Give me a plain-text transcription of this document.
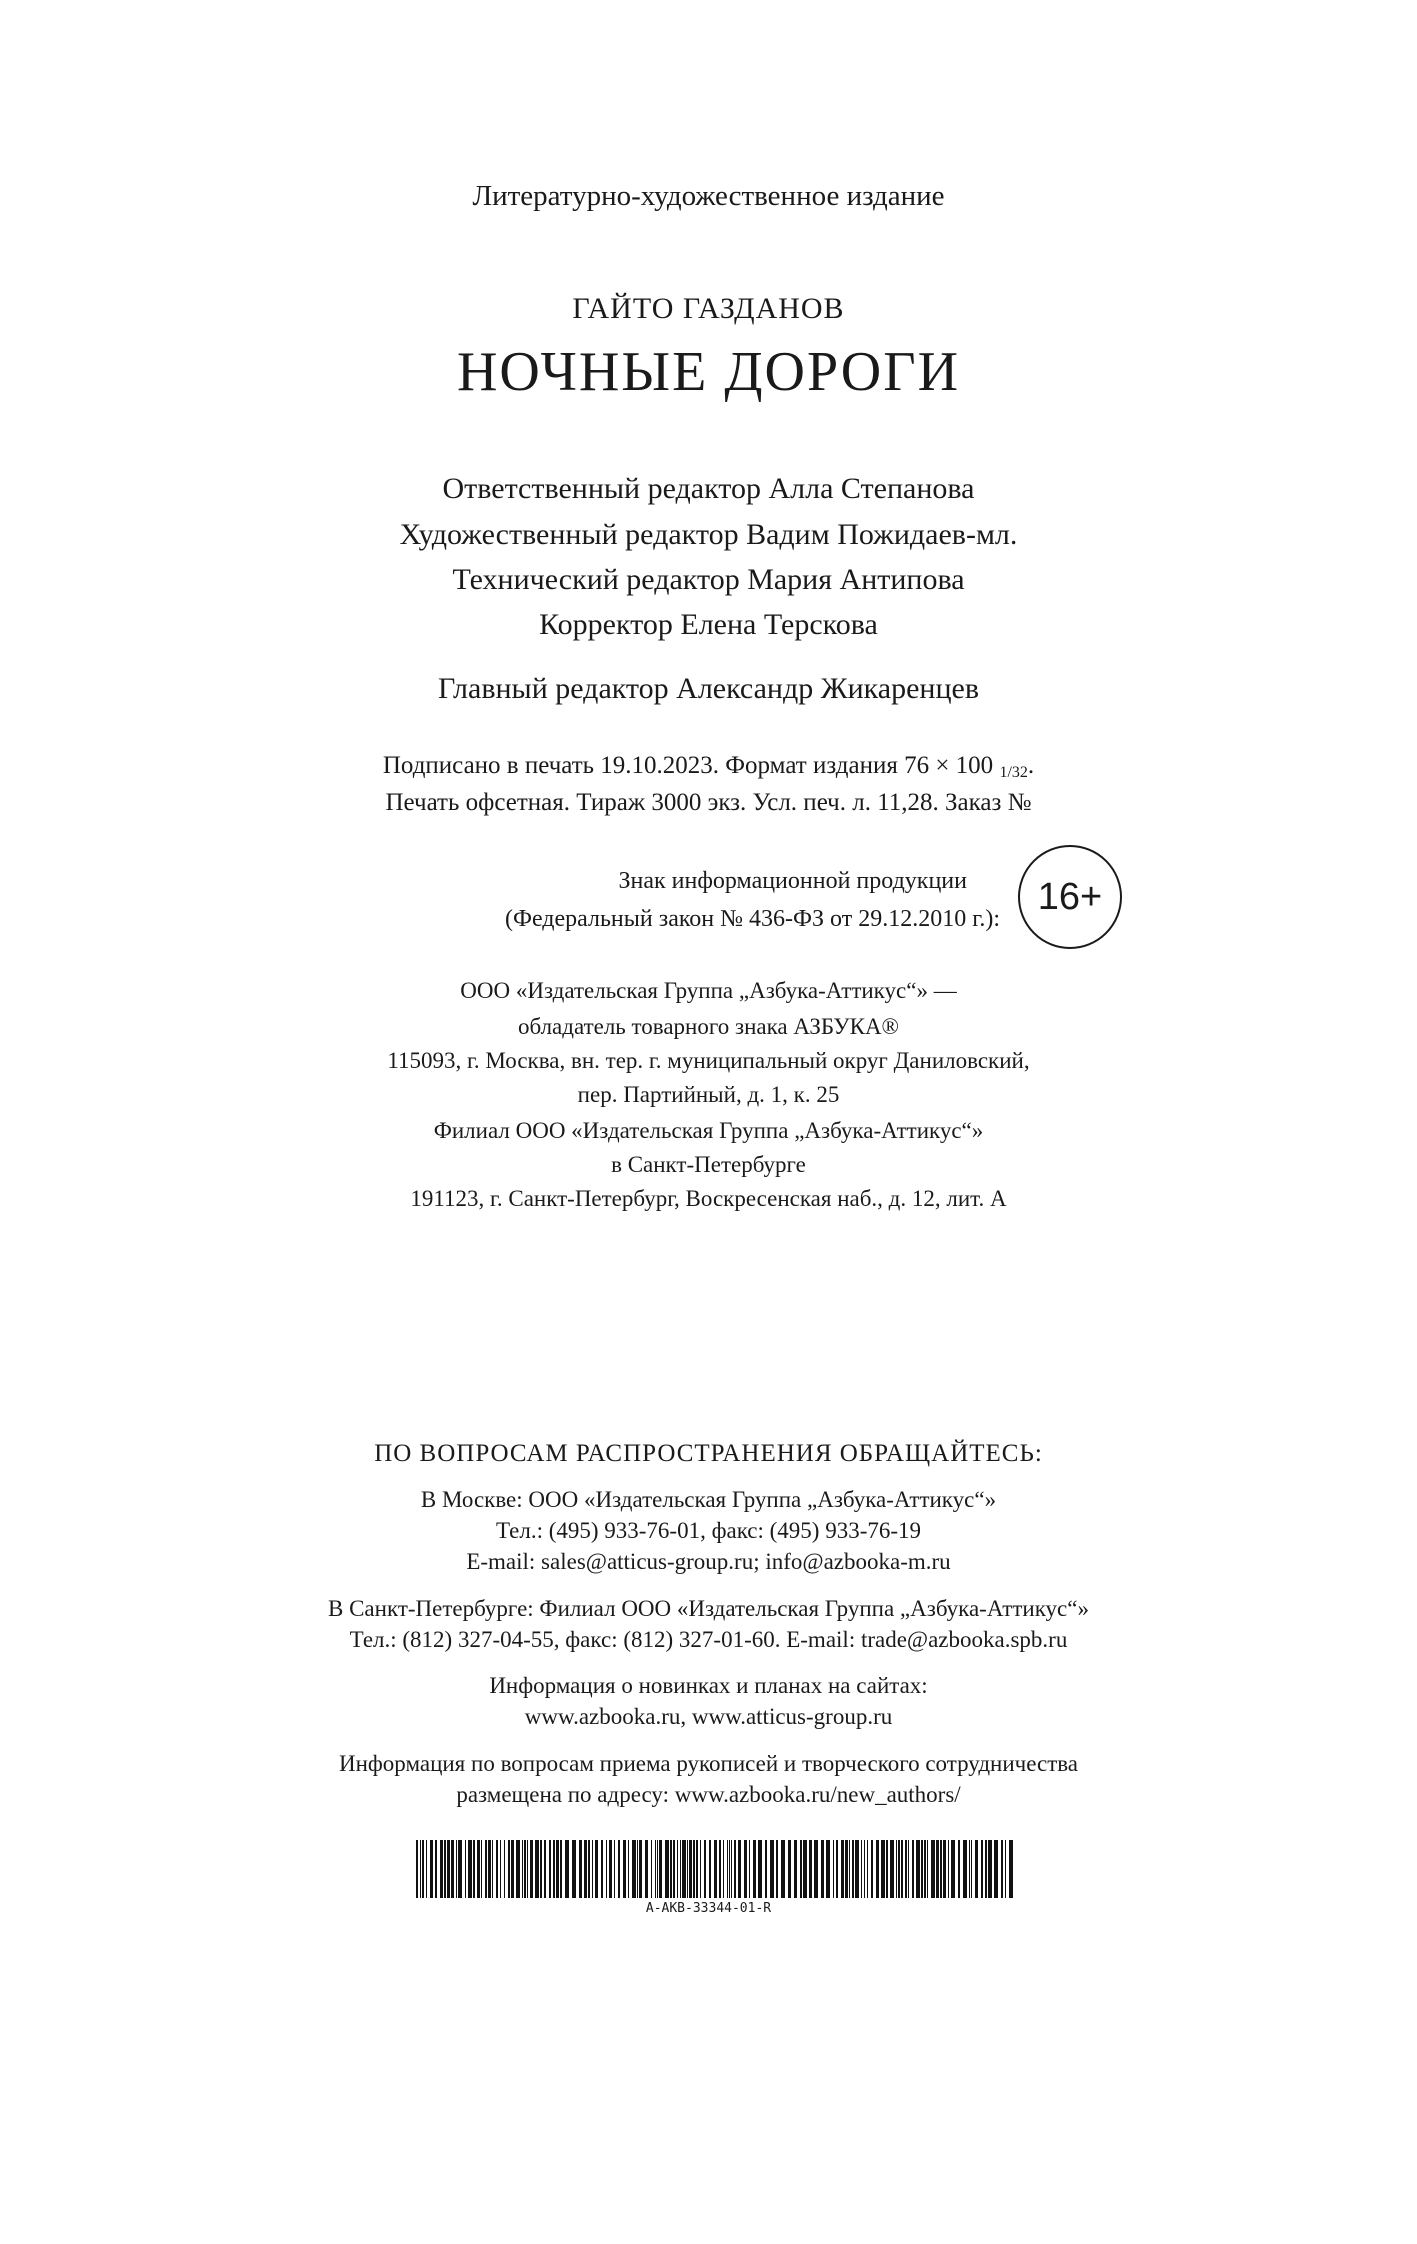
Литературно-художественное издание
ГАЙТО ГАЗДАНОВ
НОЧНЫЕ ДОРОГИ
Ответственный редактор Алла Степанова
Художественный редактор Вадим Пожидаев-мл.
Технический редактор Мария Антипова
Корректор Елена Терскова
Главный редактор Александр Жикаренцев
Подписано в печать 19.10.2023. Формат издания 76 × 100 1/32.
Печать офсетная. Тираж 3000 экз. Усл. печ. л. 11,28. Заказ №
Знак информационной продукции
(Федеральный закон № 436-ФЗ от 29.12.2010 г.):
16+
ООО «Издательская Группа „Азбука-Аттикус“» —
обладатель товарного знака АЗБУКА®
115093, г. Москва, вн. тер. г. муниципальный округ Даниловский,
пер. Партийный, д. 1, к. 25
Филиал ООО «Издательская Группа „Азбука-Аттикус“»
в Санкт-Петербурге
191123, г. Санкт-Петербург, Воскресенская наб., д. 12, лит. А
ПО ВОПРОСАМ РАСПРОСТРАНЕНИЯ ОБРАЩАЙТЕСЬ:
В Москве: ООО «Издательская Группа „Азбука-Аттикус“»
Тел.: (495) 933-76-01, факс: (495) 933-76-19
E-mail: sales@atticus-group.ru; info@azbooka-m.ru
В Санкт-Петербурге: Филиал ООО «Издательская Группа „Азбука-Аттикус“»
Тел.: (812) 327-04-55, факс: (812) 327-01-60. E-mail: trade@azbooka.spb.ru
Информация о новинках и планах на сайтах:
www.azbooka.ru, www.atticus-group.ru
Информация по вопросам приема рукописей и творческого сотрудничества
размещена по адресу: www.azbooka.ru/new_authors/
A-AKB-33344-01-R
